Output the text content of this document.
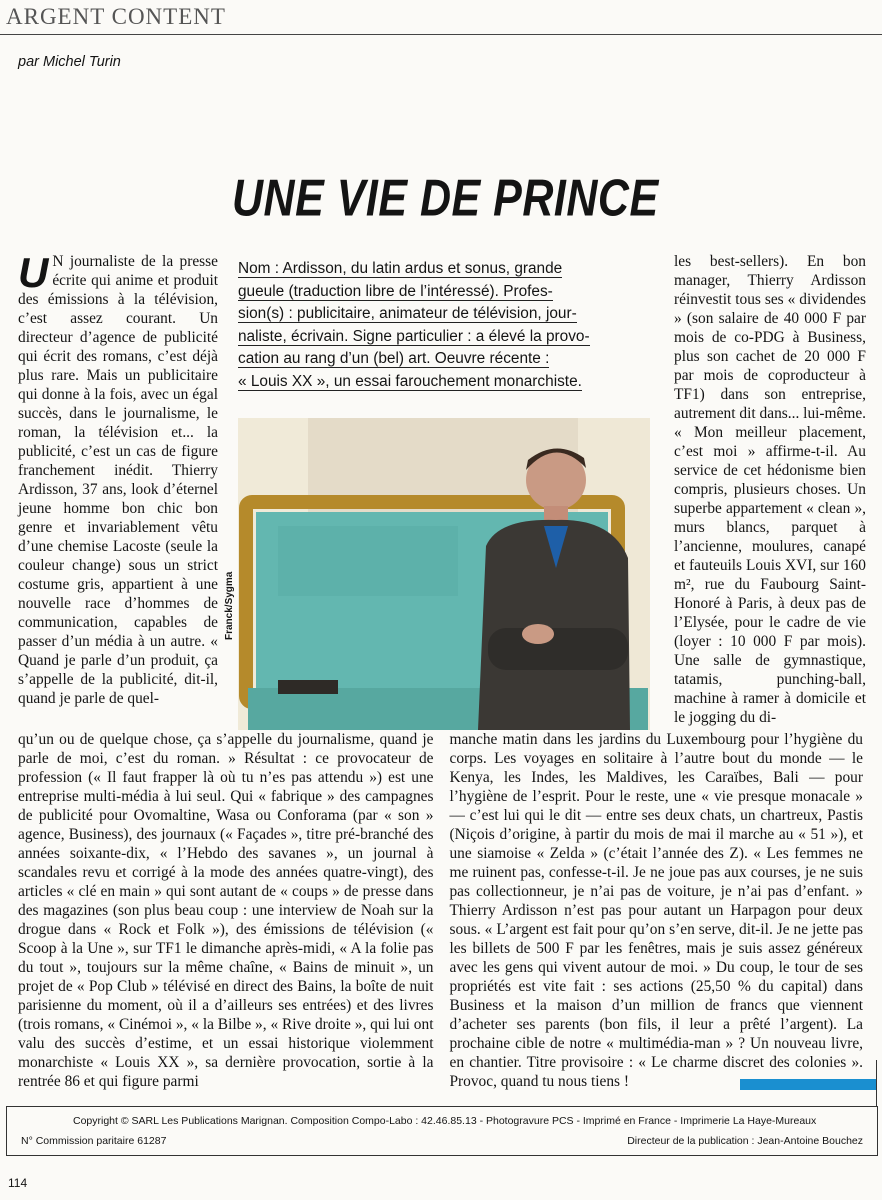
ARGENT CONTENT
par Michel Turin
UNE VIE DE PRINCE
Nom : Ardisson, du latin ardus et sonus, grande
gueule (traduction libre de l’intéressé). Profes-
sion(s) : publicitaire, animateur de télévision, jour-
naliste, écrivain. Signe particulier : a élevé la provo-
cation au rang d’un (bel) art. Oeuvre récente :
« Louis XX », un essai farouchement monarchiste.
U N journaliste de la presse écrite qui anime et produit des émissions à la télévision, c’est assez courant. Un directeur d’agence de publicité qui écrit des romans, c’est déjà plus rare. Mais un publicitaire qui donne à la fois, avec un égal succès, dans le journalisme, le roman, la télévision et... la publicité, c’est un cas de figure franchement inédit. Thierry Ardisson, 37 ans, look d’éternel jeune homme bon chic bon genre et invariablement vêtu d’une chemise Lacoste (seule la couleur change) sous un strict costume gris, appartient à une nouvelle race d’hommes de communication, capables de passer d’un média à un autre. « Quand je parle d’un produit, ça s’appelle de la publicité, dit-il, quand je parle de quel-

Franck/Sygma

les best-sellers). En bon manager, Thierry Ardisson réinvestit tous ses « dividendes » (son salaire de 40 000 F par mois de co-PDG à Business, plus son cachet de 20 000 F par mois de coproducteur à TF1) dans son entreprise, autrement dit dans... lui-même. « Mon meilleur placement, c’est moi » affirme-t-il. Au service de cet hédonisme bien compris, plusieurs choses. Un superbe appartement « clean », murs blancs, parquet à l’ancienne, moulures, canapé et fauteuils Louis XVI, sur 160 m², rue du Faubourg Saint-Honoré à Paris, à deux pas de l’Elysée, pour le cadre de vie (loyer : 10 000 F par mois). Une salle de gymnastique, tatamis, punching-ball, machine à ramer à domicile et le jogging du di-

qu’un ou de quelque chose, ça s’appelle du journalisme, quand je parle de moi, c’est du roman. » Résultat : ce provocateur de profession (« Il faut frapper là où tu n’es pas attendu ») est une entreprise multi-média à lui seul. Qui « fabrique » des campagnes de publicité pour Ovomaltine, Wasa ou Conforama (par « son » agence, Business), des journaux (« Façades », titre pré-branché des années soixante-dix, « l’Hebdo des savanes », un journal à scandales revu et corrigé à la mode des années quatre-vingt), des articles « clé en main » qui sont autant de « coups » de presse dans des magazines (son plus beau coup : une interview de Noah sur la drogue dans « Rock et Folk »), des émissions de télévision (« Scoop à la Une », sur TF1 le dimanche après-midi, « A la folie pas du tout », toujours sur la même chaîne, « Bains de minuit », un projet de « Pop Club » télévisé en direct des Bains, la boîte de nuit parisienne du moment, où il a d’ailleurs ses entrées) et des livres (trois romans, « Cinémoi », « la Bilbe », « Rive droite », qui lui ont valu des succès d’estime, et un essai historique violemment monarchiste « Louis XX », sa dernière provocation, sortie à la rentrée 86 et qui figure parmi

manche matin dans les jardins du Luxembourg pour l’hygiène du corps. Les voyages en solitaire à l’autre bout du monde — le Kenya, les Indes, les Maldives, les Caraïbes, Bali — pour l’hygiène de l’esprit. Pour le reste, une « vie presque monacale » — c’est lui qui le dit — entre ses deux chats, un chartreux, Pastis (Niçois d’origine, à partir du mois de mai il marche au « 51 »), et une siamoise « Zelda » (c’était l’année des Z). « Les femmes ne me ruinent pas, confesse-t-il. Je ne joue pas aux courses, je ne suis pas collectionneur, je n’ai pas de voiture, je n’ai pas d’enfant. » Thierry Ardisson n’est pas pour autant un Harpagon pour deux sous. « L’argent est fait pour qu’on s’en serve, dit-il. Je ne jette pas les billets de 500 F par les fenêtres, mais je suis assez généreux avec les gens qui vivent autour de moi. » Du coup, le tour de ses propriétés est vite fait : ses actions (25,50 % du capital) dans Business et la maison d’un million de francs que viennent d’acheter ses parents (bon fils, il leur a prêté l’argent). La prochaine cible de notre « multimédia-man » ? Un nouveau livre, en chantier. Titre provisoire : « Le charme discret des colonies ». Provoc, quand tu nous tiens !

Copyright © SARL Les Publications Marignan. Composition Compo-Labo : 42.46.85.13 - Photogravure PCS - Imprimé en France - Imprimerie La Haye-Mureaux
N° Commission paritaire 61287	Directeur de la publication : Jean-Antoine Bouchez
114
